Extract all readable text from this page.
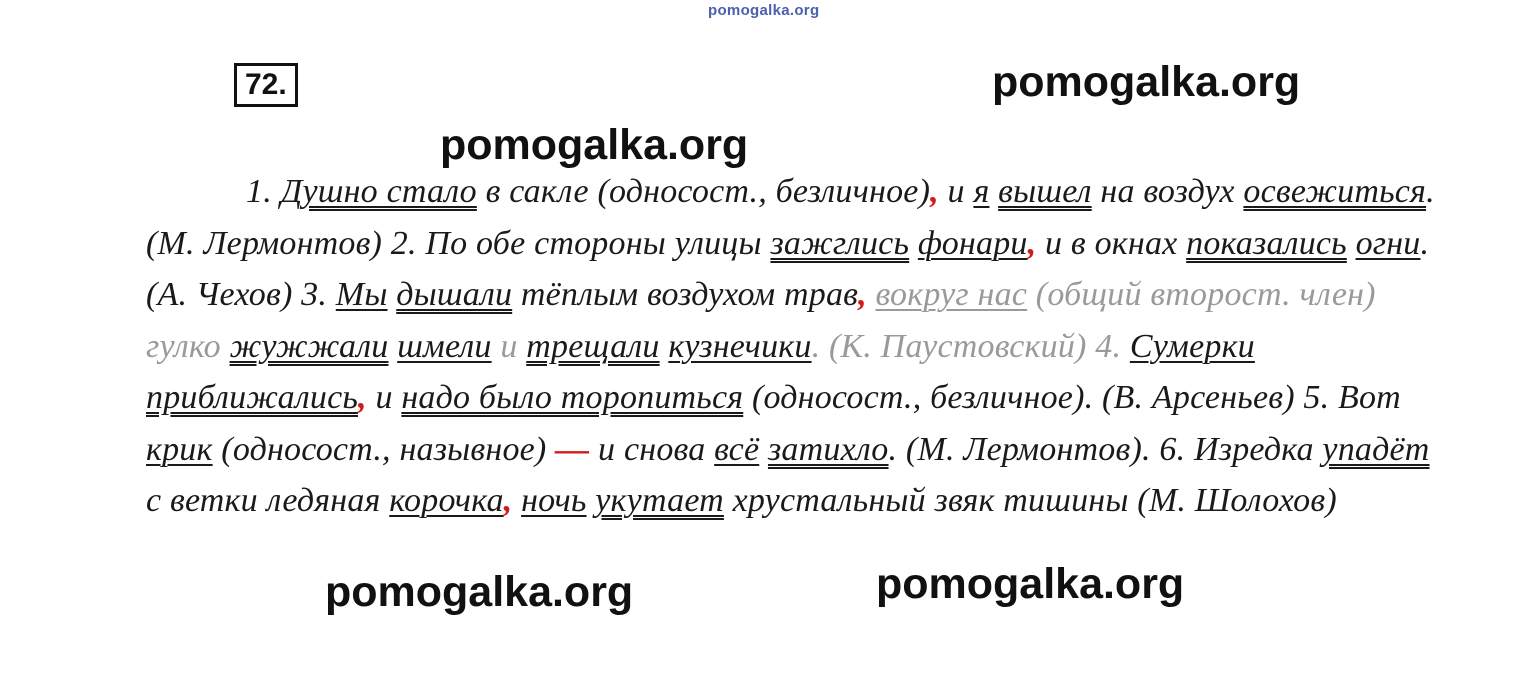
pomogalka.org
72.	pomogalka.org
pomogalka.org

1. Душно стало в сакле (односост., безличное), и я вышел на воздух освежиться. (М. Лермонтов) 2. По обе стороны улицы зажглись фонари, и в окнах показались огни. (А. Чехов) 3. Мы дышали тёплым воздухом трав, вокруг нас (общий второст. член) гулко жужжали шмели и трещали кузнечики. (К. Паустовский) 4. Сумерки приближались, и надо было торопиться (односост., безличное). (В. Арсеньев) 5. Вот крик (односост., назывное) — и снова всё затихло. (М. Лермонтов). 6. Изредка упадёт с ветки ледяная корочка, ночь укутает хрустальный звяк тишины (М. Шолохов)

pomogalka.org	pomogalka.org
